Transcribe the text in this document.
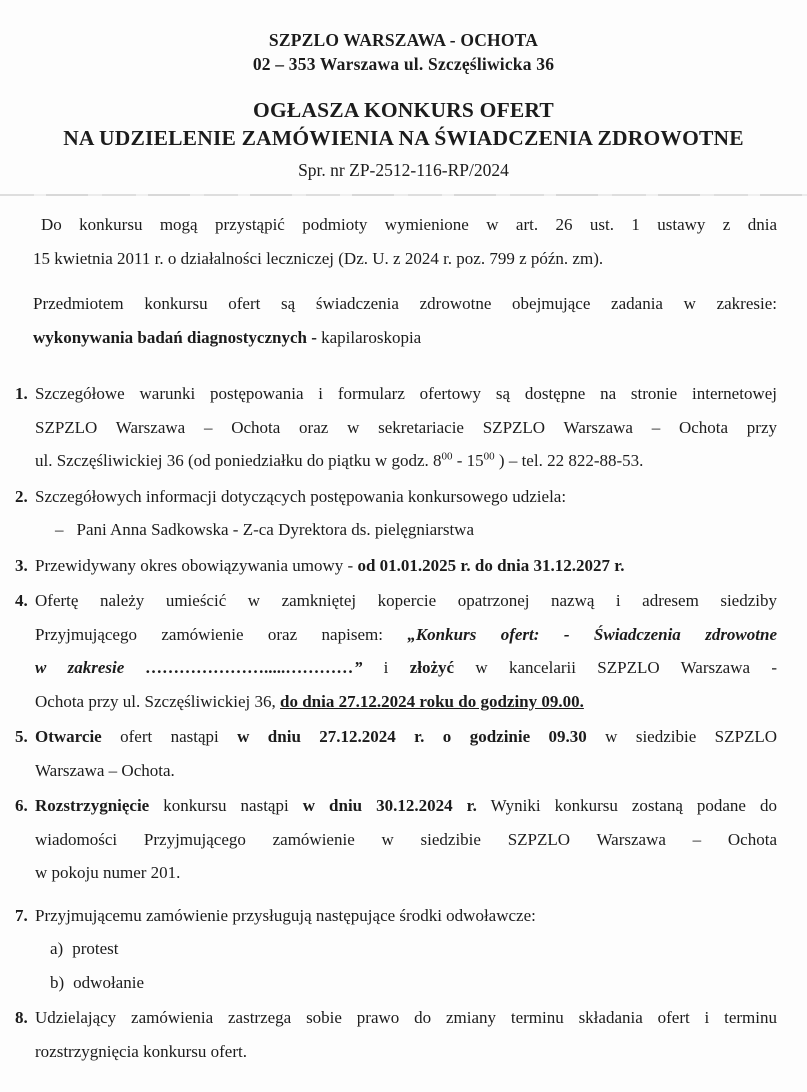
SZPZLO WARSZAWA - OCHOTA
02 – 353 Warszawa ul. Szczęśliwicka 36
OGŁASZA KONKURS OFERT
NA UDZIELENIE ZAMÓWIENIA NA ŚWIADCZENIA ZDROWOTNE
Spr. nr ZP-2512-116-RP/2024
Do konkursu mogą przystąpić podmioty wymienione w art. 26 ust. 1 ustawy z dnia
15 kwietnia 2011 r. o działalności leczniczej (Dz. U. z 2024 r. poz. 799 z późn. zm).
Przedmiotem konkursu ofert są świadczenia zdrowotne obejmujące zadania w zakresie:
wykonywania badań diagnostycznych - kapilaroskopia
1. Szczegółowe warunki postępowania i formularz ofertowy są dostępne na stronie internetowej
SZPZLO Warszawa – Ochota oraz w sekretariacie SZPZLO Warszawa – Ochota przy
ul. Szczęśliwickiej 36 (od poniedziałku do piątku w godz. $8^{00} - 15^{00}$ ) – tel. 22 822-88-53.
2. Szczegółowych informacji dotyczących postępowania konkursowego udziela:
– Pani Anna Sadkowska - Z-ca Dyrektora ds. pielęgniarstwa
3. Przewidywany okres obowiązywania umowy - od 01.01.2025 r. do dnia 31.12.2027 r.
4. Ofertę należy umieścić w zamkniętej kopercie opatrzonej nazwą i adresem siedziby
Przyjmującego zamówienie oraz napisem: „Konkurs ofert: - Świadczenia zdrowotne
w zakresie ………………….....…………” i złożyć w kancelarii SZPZLO Warszawa -
Ochota przy ul. Szczęśliwickiej 36, do dnia 27.12.2024 roku do godziny 09.00.
5. Otwarcie ofert nastąpi w dniu 27.12.2024 r. o godzinie 09.30 w siedzibie SZPZLO
Warszawa – Ochota.
6. Rozstrzygnięcie konkursu nastąpi w dniu 30.12.2024 r. Wyniki konkursu zostaną podane do
wiadomości Przyjmującego zamówienie w siedzibie SZPZLO Warszawa – Ochota
w pokoju numer 201.
7. Przyjmującemu zamówienie przysługują następujące środki odwoławcze:
a) protest
b) odwołanie
8. Udzielający zamówienia zastrzega sobie prawo do zmiany terminu składania ofert i terminu
rozstrzygnięcia konkursu ofert.
